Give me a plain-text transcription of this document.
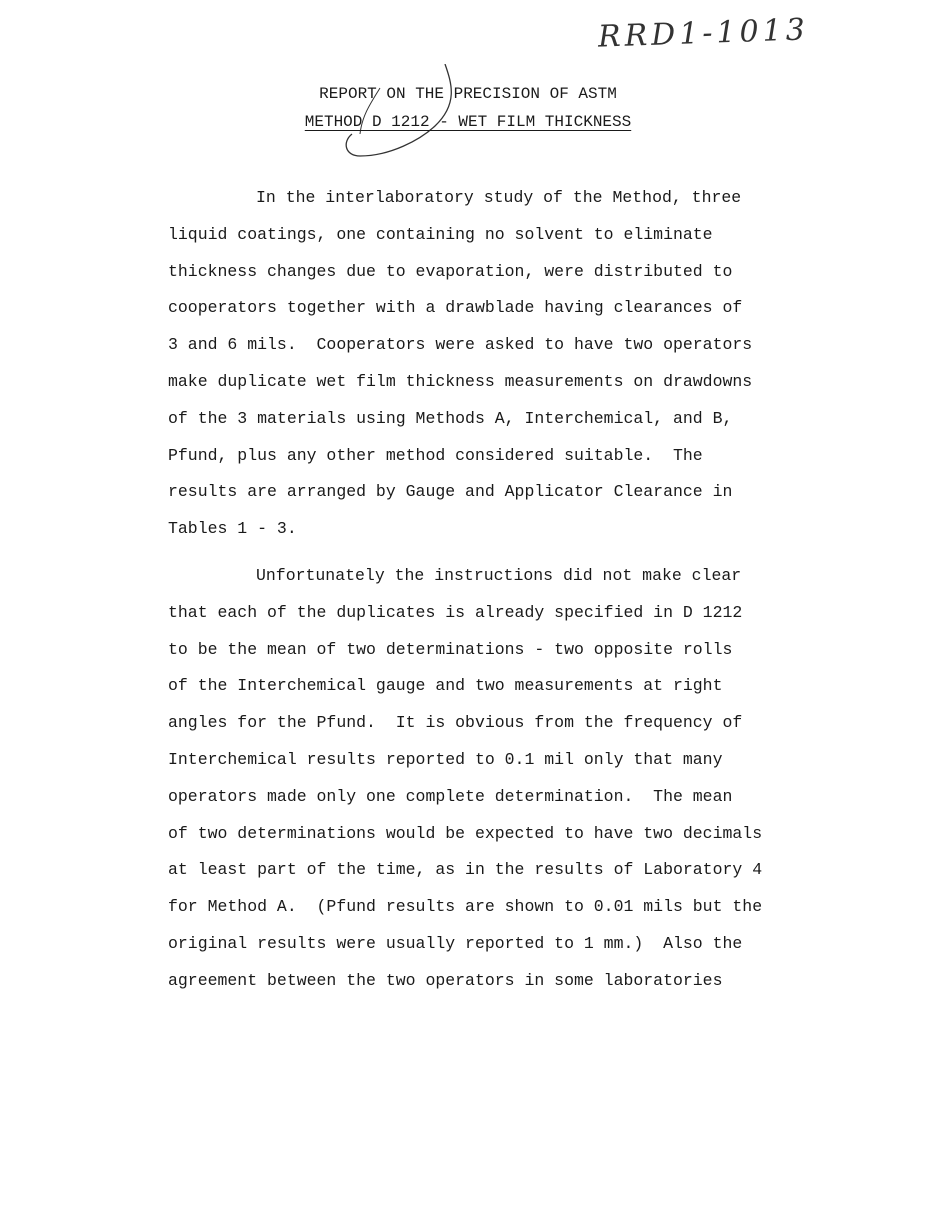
RRD1-1013
REPORT ON THE PRECISION OF ASTM
METHOD D 1212 - WET FILM THICKNESS
In the interlaboratory study of the Method, three
liquid coatings, one containing no solvent to eliminate
thickness changes due to evaporation, were distributed to
cooperators together with a drawblade having clearances of
3 and 6 mils.  Cooperators were asked to have two operators
make duplicate wet film thickness measurements on drawdowns
of the 3 materials using Methods A, Interchemical, and B,
Pfund, plus any other method considered suitable.  The
results are arranged by Gauge and Applicator Clearance in
Tables 1 - 3.
Unfortunately the instructions did not make clear
that each of the duplicates is already specified in D 1212
to be the mean of two determinations - two opposite rolls
of the Interchemical gauge and two measurements at right
angles for the Pfund.  It is obvious from the frequency of
Interchemical results reported to 0.1 mil only that many
operators made only one complete determination.  The mean
of two determinations would be expected to have two decimals
at least part of the time, as in the results of Laboratory 4
for Method A.  (Pfund results are shown to 0.01 mils but the
original results were usually reported to 1 mm.)  Also the
agreement between the two operators in some laboratories
